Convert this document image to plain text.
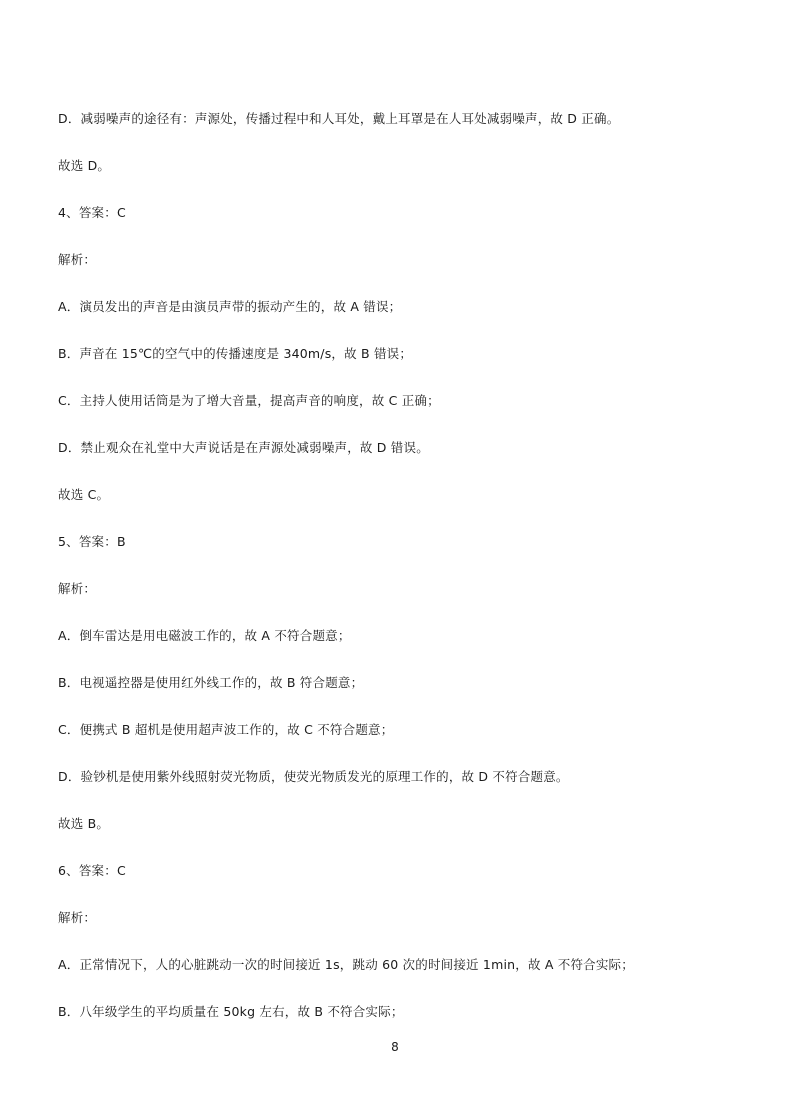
D．减弱噪声的途径有：声源处，传播过程中和人耳处，戴上耳罩是在人耳处减弱噪声，故 D 正确。
故选 D。
4、答案：C
解析：
A．演员发出的声音是由演员声带的振动产生的，故 A 错误；
B．声音在 15℃的空气中的传播速度是 340m/s，故 B 错误；
C．主持人使用话筒是为了增大音量，提高声音的响度，故 C 正确；
D．禁止观众在礼堂中大声说话是在声源处减弱噪声，故 D 错误。
故选 C。
5、答案：B
解析：
A．倒车雷达是用电磁波工作的，故 A 不符合题意；
B．电视遥控器是使用红外线工作的，故 B 符合题意；
C．便携式 B 超机是使用超声波工作的，故 C 不符合题意；
D．验钞机是使用紫外线照射荧光物质，使荧光物质发光的原理工作的，故 D 不符合题意。
故选 B。
6、答案：C
解析：
A．正常情况下，人的心脏跳动一次的时间接近 1s，跳动 60 次的时间接近 1min，故 A 不符合实际；
B．八年级学生的平均质量在 50kg 左右，故 B 不符合实际；
8
